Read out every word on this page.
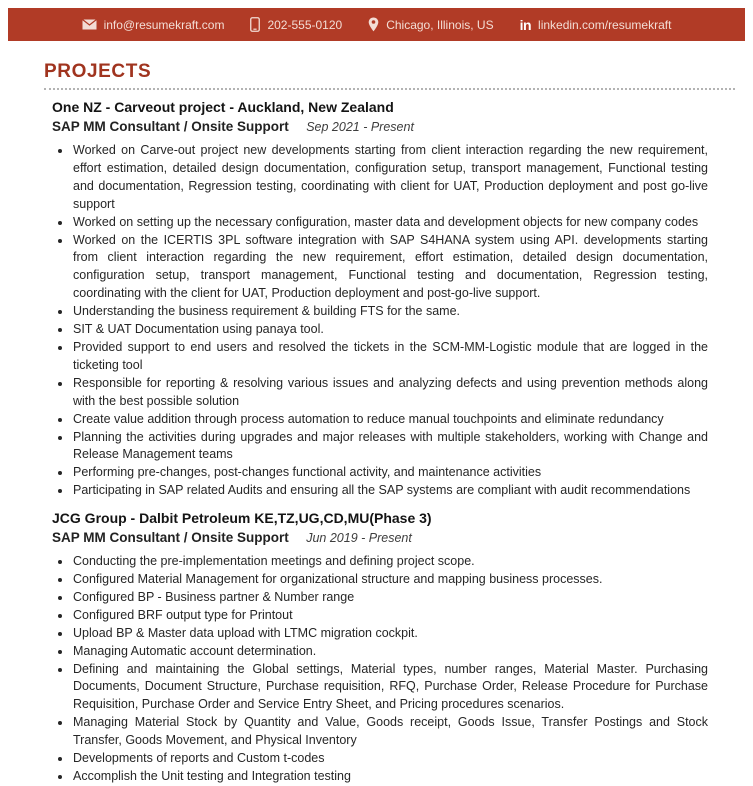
info@resumekraft.com	202-555-0120	Chicago, Illinois, US in linkedin.com/resumekraft
PROJECTS
One NZ - Carveout project - Auckland, New Zealand
SAP MM Consultant / Onsite Support Sep 2021 - Present
• Worked on Carve-out project new developments starting from client interaction regarding the new requirement, effort estimation, detailed design documentation, configuration setup, transport management, Functional testing and documentation, Regression testing, coordinating with client for UAT, Production deployment and post go-live support
• Worked on setting up the necessary configuration, master data and development objects for new company codes
• Worked on the ICERTIS 3PL software integration with SAP S4HANA system using API. developments starting from client interaction regarding the new requirement, effort estimation, detailed design documentation, configuration setup, transport management, Functional testing and documentation, Regression testing, coordinating with the client for UAT, Production deployment and post-go-live support.
• Understanding the business requirement & building FTS for the same.
• SIT & UAT Documentation using panaya tool.
• Provided support to end users and resolved the tickets in the SCM-MM-Logistic module that are logged in the ticketing tool
• Responsible for reporting & resolving various issues and analyzing defects and using prevention methods along with the best possible solution
• Create value addition through process automation to reduce manual touchpoints and eliminate redundancy
• Planning the activities during upgrades and major releases with multiple stakeholders, working with Change and Release Management teams
• Performing pre-changes, post-changes functional activity, and maintenance activities
• Participating in SAP related Audits and ensuring all the SAP systems are compliant with audit recommendations
JCG Group - Dalbit Petroleum KE,TZ,UG,CD,MU(Phase 3)
SAP MM Consultant / Onsite Support Jun 2019 - Present
• Conducting the pre-implementation meetings and defining project scope.
• Configured Material Management for organizational structure and mapping business processes.
• Configured BP - Business partner & Number range
• Configured BRF output type for Printout
• Upload BP & Master data upload with LTMC migration cockpit.
• Managing Automatic account determination.
• Defining and maintaining the Global settings, Material types, number ranges, Material Master. Purchasing Documents, Document Structure, Purchase requisition, RFQ, Purchase Order, Release Procedure for Purchase Requisition, Purchase Order and Service Entry Sheet, and Pricing procedures scenarios.
• Managing Material Stock by Quantity and Value, Goods receipt, Goods Issue, Transfer Postings and Stock Transfer, Goods Movement, and Physical Inventory
• Developments of reports and Custom t-codes
• Accomplish the Unit testing and Integration testing
